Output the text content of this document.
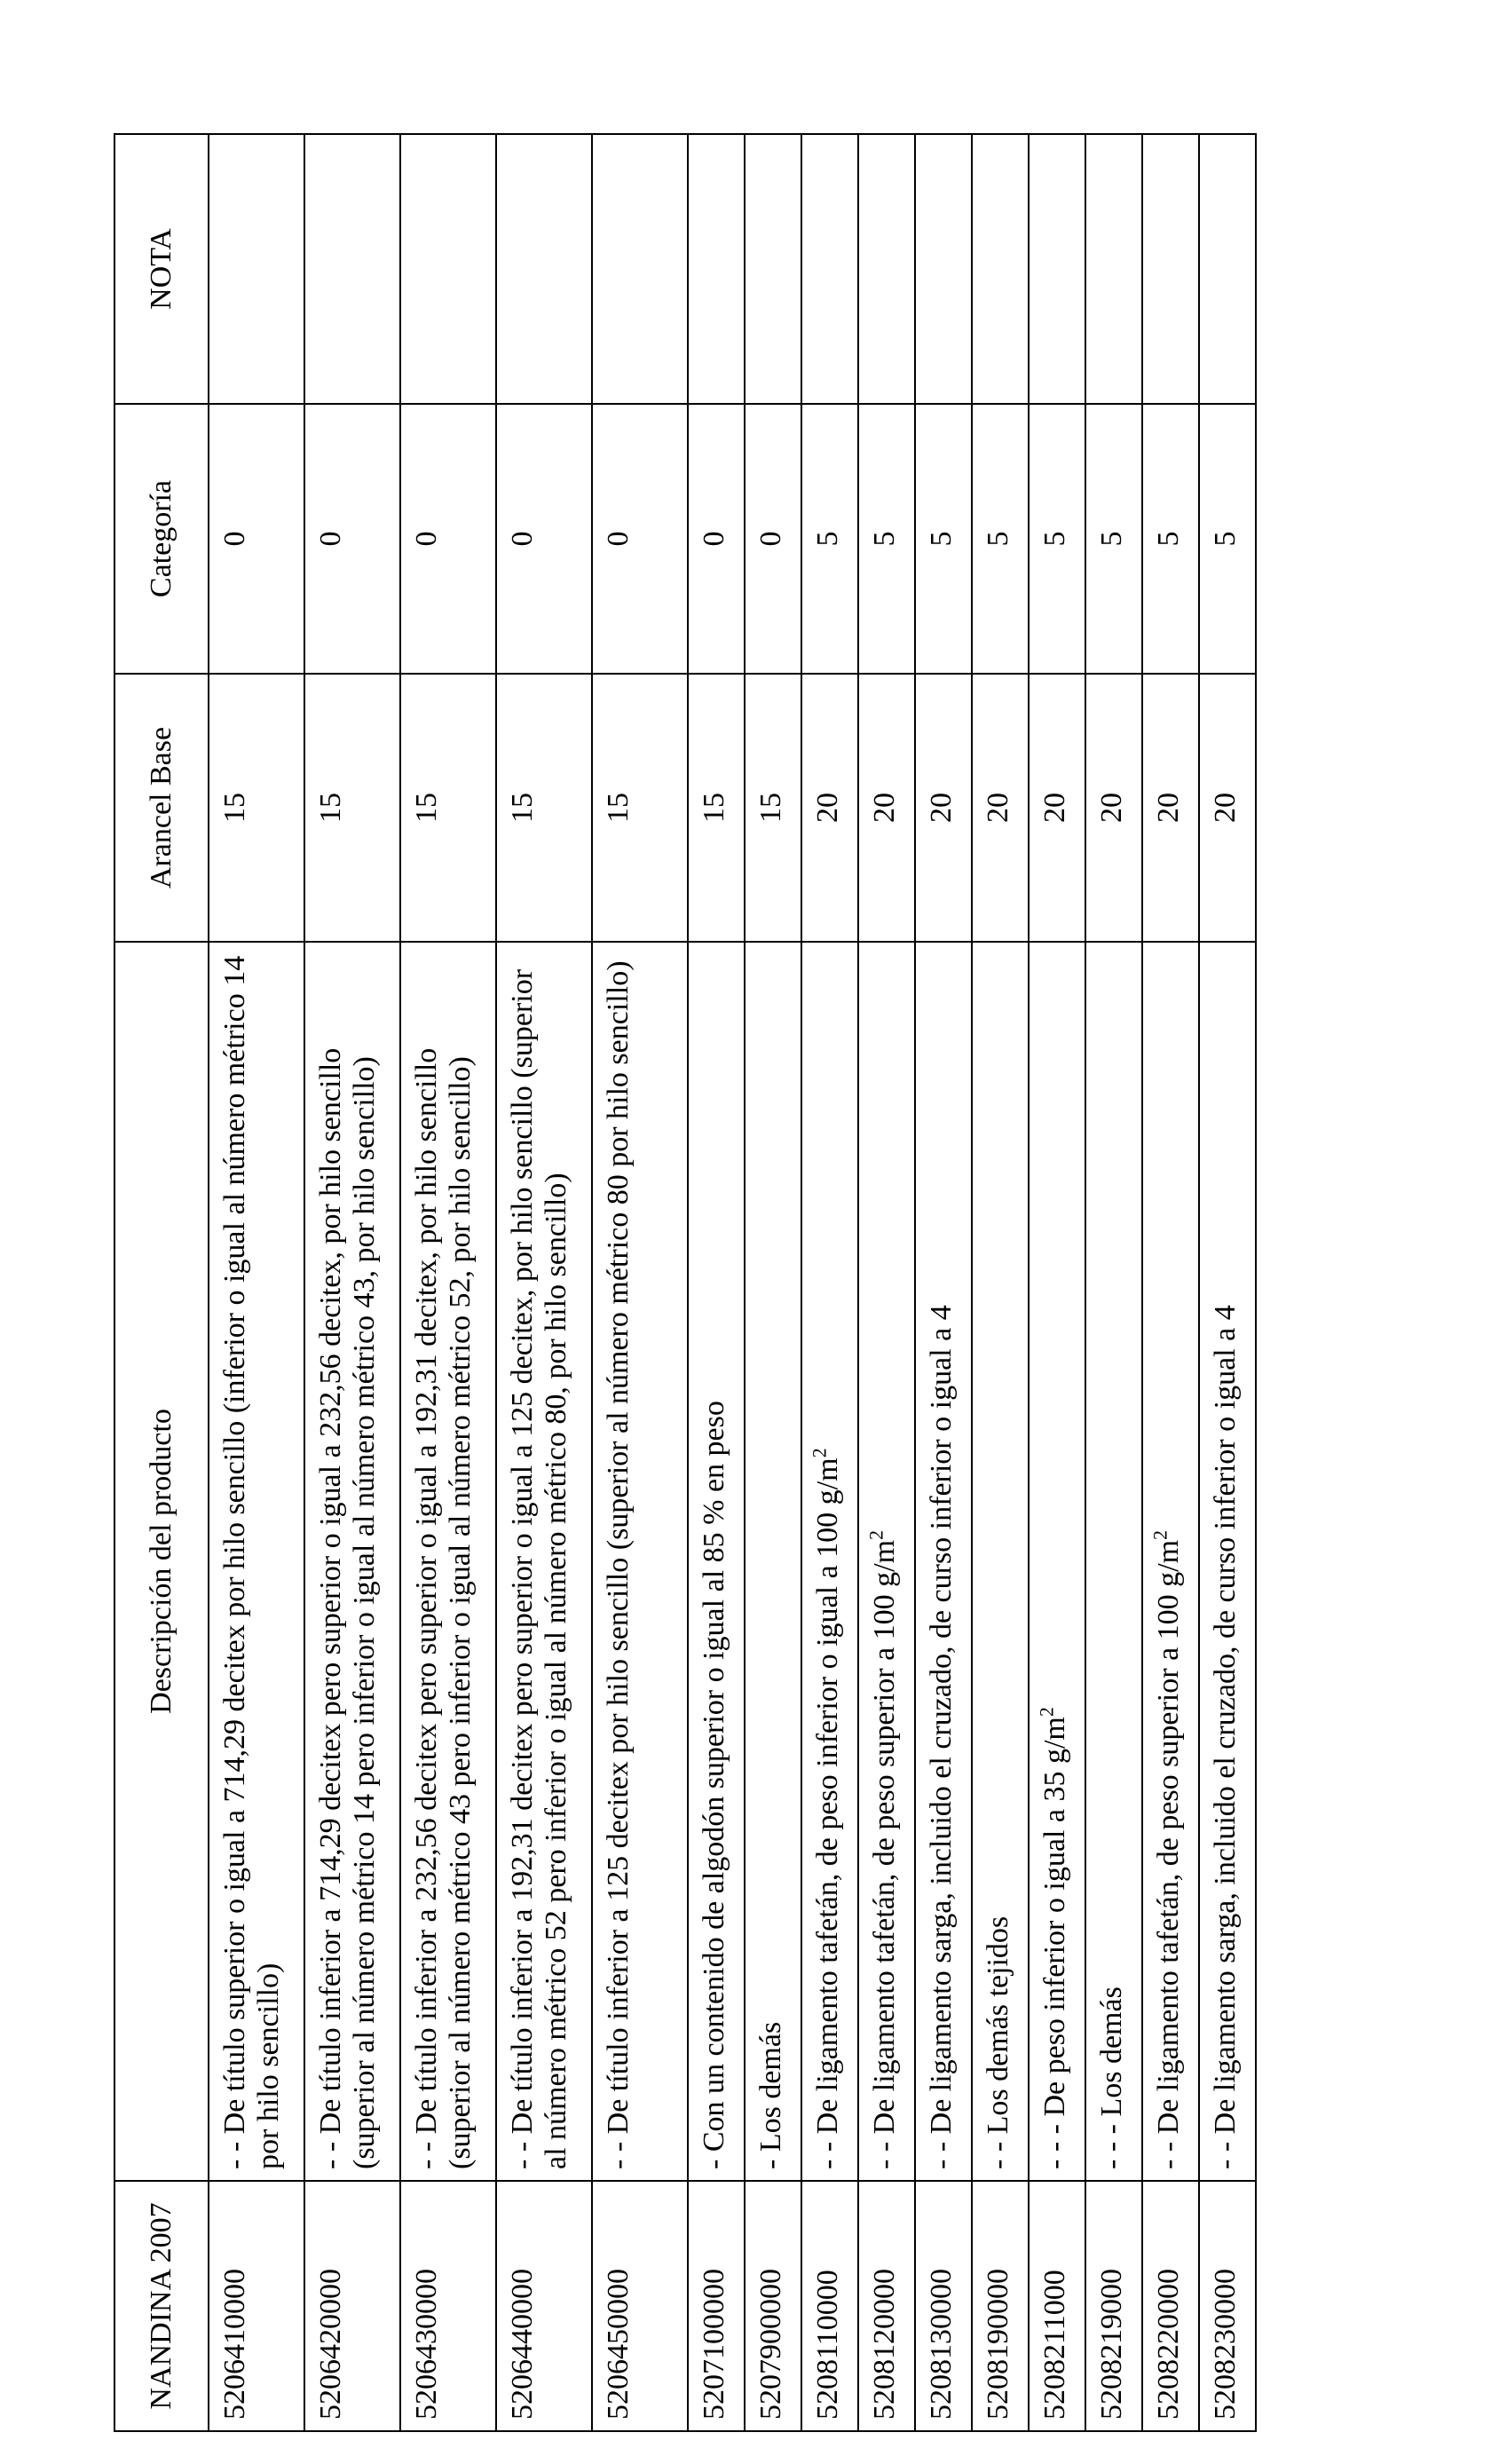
NANDINA 2007	Descripción del producto	Arancel Base	Categoría	NOTA
5206410000	- - De título superior o igual a 714,29 decitex por hilo sencillo (inferior o igual al número métrico 14 por hilo sencillo)	15	0	
5206420000	- - De título inferior a 714,29 decitex pero superior o igual a 232,56 decitex, por hilo sencillo (superior al número métrico 14 pero inferior o igual al número métrico 43, por hilo sencillo)	15	0	
5206430000	- - De título inferior a 232,56 decitex pero superior o igual a 192,31 decitex, por hilo sencillo (superior al número métrico 43 pero inferior o igual al número métrico 52, por hilo sencillo)	15	0	
5206440000	- - De título inferior a 192,31 decitex pero superior o igual a 125 decitex, por hilo sencillo (superior al número métrico 52 pero inferior o igual al número métrico 80, por hilo sencillo)	15	0	
5206450000	- - De título inferior a 125 decitex por hilo sencillo (superior al número métrico 80 por hilo sencillo)	15	0	
5207100000	- Con un contenido de algodón superior o igual al 85 % en peso	15	0	
5207900000	- Los demás	15	0	
5208110000	- - De ligamento tafetán, de peso inferior o igual a 100 $g/m^2$	20	5	
5208120000	- - De ligamento tafetán, de peso superior a 100 $g/m^2$	20	5	
5208130000	- - De ligamento sarga, incluido el cruzado, de curso inferior o igual a 4	20	5	
5208190000	- - Los demás tejidos	20	5	
5208211000	- - - De peso inferior o igual a 35 $g/m^2$	20	5	
5208219000	- - - Los demás	20	5	
5208220000	- - De ligamento tafetán, de peso superior a 100 $g/m^2$	20	5	
5208230000	- - De ligamento sarga, incluido el cruzado, de curso inferior o igual a 4	20	5	
